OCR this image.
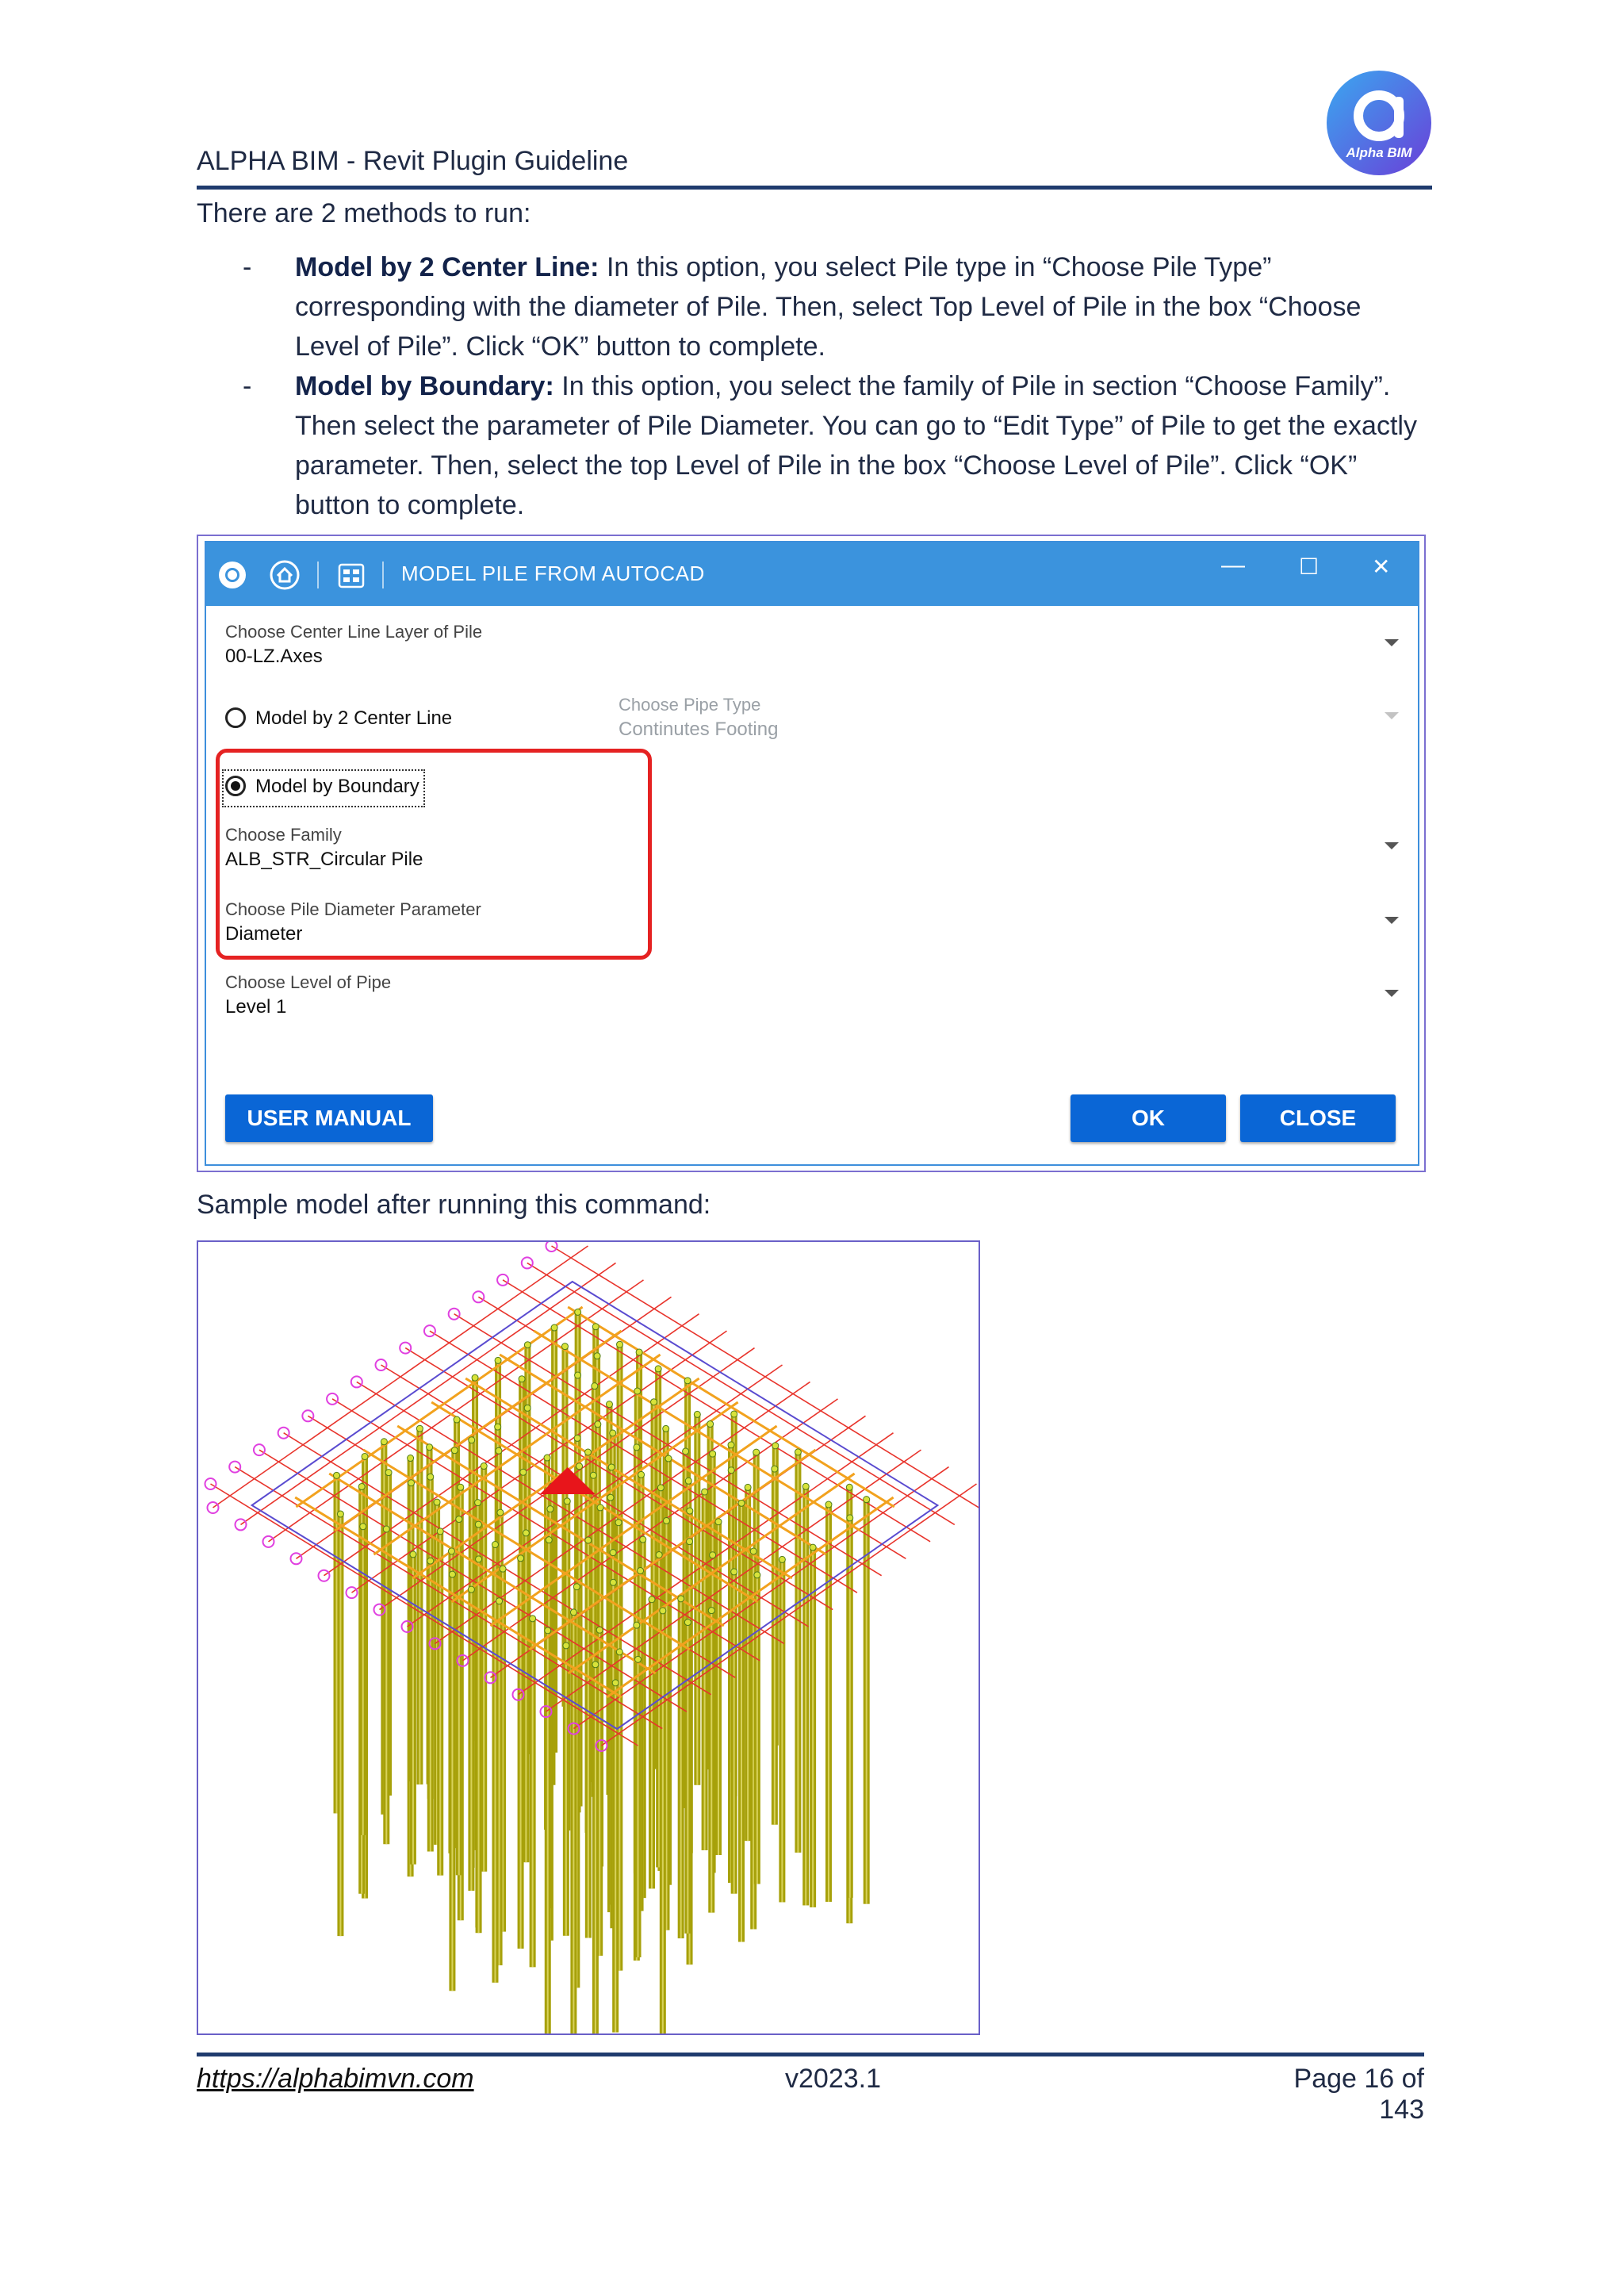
ALPHA BIM - Revit Plugin Guideline	Alpha BIM
There are 2 methods to run:

- Model by 2 Center Line: In this option, you select Pile type in “Choose Pile Type” corresponding with the diameter of Pile. Then, select Top Level of Pile in the box “Choose Level of Pile”. Click “OK” button to complete.

- Model by Boundary: In this option, you select the family of Pile in section “Choose Family”. Then select the parameter of Pile Diameter. You can go to “Edit Type” of Pile to get the exactly parameter. Then, select the top Level of Pile in the box “Choose Level of Pile”. Click “OK” button to complete.

MODEL PILE FROM AUTOCAD	— ☐ ✕
Choose Center Line Layer of Pile
00-LZ.Axes
Model by 2 Center Line
Choose Pipe Type
Continutes Footing
Model by Boundary
Choose Family
ALB_STR_Circular Pile
Choose Pile Diameter Parameter
Diameter
Choose Level of Pipe
Level 1
USER MANUAL	OK	CLOSE
Sample model after running this command:
https://alphabimvn.com	v2023.1	Page 16 of 143
